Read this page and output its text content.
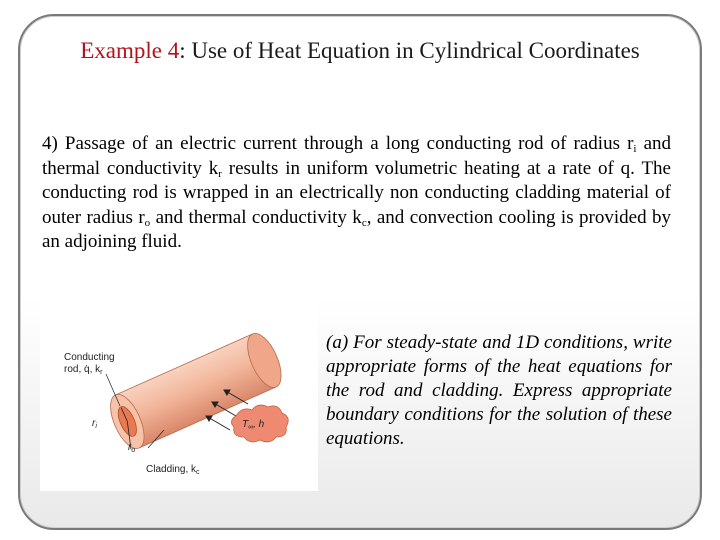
Example 4: Use of Heat Equation in Cylindrical Coordinates
4) Passage of an electric current through a long conducting rod of radius $r_i$ and thermal conductivity $k_r$ results in uniform volumetric heating at a rate of q. The conducting rod is wrapped in an electrically non conducting cladding material of outer radius $r_o$ and thermal conductivity $k_c$, and convection cooling is provided by an adjoining fluid.
$T_\infty$, h
Conducting
rod, q̇, $k_r$
$r_i$
$r_o$
Cladding, $k_c$
(a) For steady-state and 1D conditions, write appropriate forms of the heat equations for the rod and cladding. Express appropriate boundary conditions for the solution of these equations.
